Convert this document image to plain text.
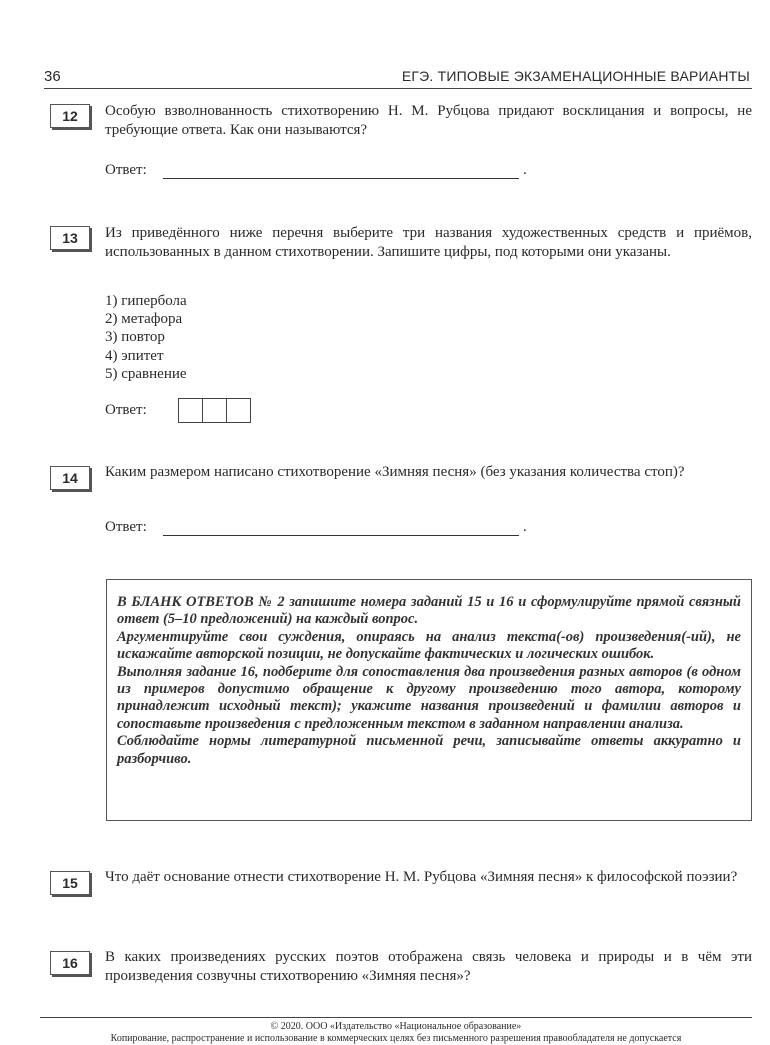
36	ЕГЭ. ТИПОВЫЕ ЭКЗАМЕНАЦИОННЫЕ ВАРИАНТЫ
12	Особую взволнованность стихотворению Н. М. Рубцова придают восклицания и вопросы, не требующие ответа. Как они называются?
Ответ:	.
13	Из приведённого ниже перечня выберите три названия художественных средств и приёмов, использованных в данном стихотворении. Запишите цифры, под которыми они указаны.
1) гипербола
2) метафора
3) повтор
4) эпитет
5) сравнение
Ответ:
14	Каким размером написано стихотворение «Зимняя песня» (без указания количества стоп)?
Ответ:	.

В БЛАНК ОТВЕТОВ № 2 запишите номера заданий 15 и 16 и сформулируйте прямой связный ответ (5–10 предложений) на каждый вопрос.

Аргументируйте свои суждения, опираясь на анализ текста(-ов) произведения(-ий), не искажайте авторской позиции, не допускайте фактических и логических ошибок.

Выполняя задание 16, подберите для сопоставления два произведения разных авторов (в одном из примеров допустимо обращение к другому произведению того автора, которому принадлежит исходный текст); укажите названия произведений и фамилии авторов и сопоставьте произведения с предложенным текстом в заданном направлении анализа.

Соблюдайте нормы литературной письменной речи, записывайте ответы аккуратно и разборчиво.

15	Что даёт основание отнести стихотворение Н. М. Рубцова «Зимняя песня» к философской поэзии?
16	В каких произведениях русских поэтов отображена связь человека и природы и в чём эти произведения созвучны стихотворению «Зимняя песня»?
© 2020. ООО «Издательство «Национальное образование»
Копирование, распространение и использование в коммерческих целях без письменного разрешения правообладателя не допускается
